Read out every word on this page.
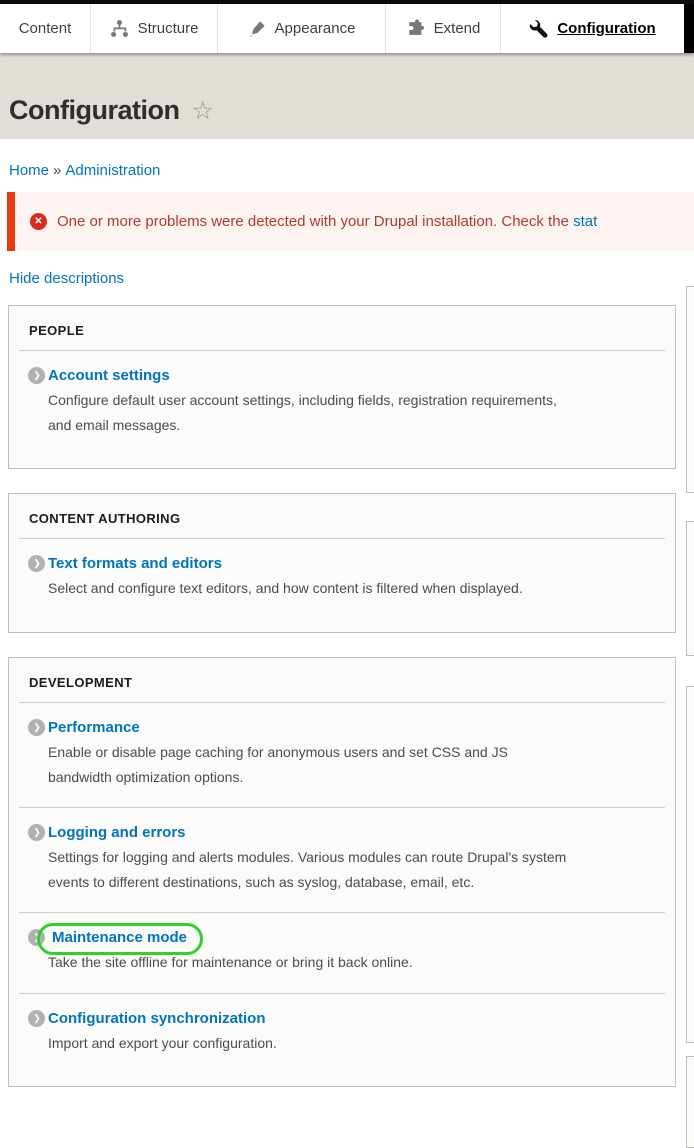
Content	Structure	Appearance	Extend	Configuration
Configuration ☆
Home » Administration
✕ One or more problems were detected with your Drupal installation. Check the stat
Hide descriptions
PEOPLE
❯ Account settings
Configure default user account settings, including fields, registration requirements, and email messages.
CONTENT AUTHORING
❯ Text formats and editors
Select and configure text editors, and how content is filtered when displayed.
DEVELOPMENT
❯ Performance
Enable or disable page caching for anonymous users and set CSS and JS bandwidth optimization options.
❯ Logging and errors
Settings for logging and alerts modules. Various modules can route Drupal's system events to different destinations, such as syslog, database, email, etc.
❯ Maintenance mode
Take the site offline for maintenance or bring it back online.
❯ Configuration synchronization
Import and export your configuration.
